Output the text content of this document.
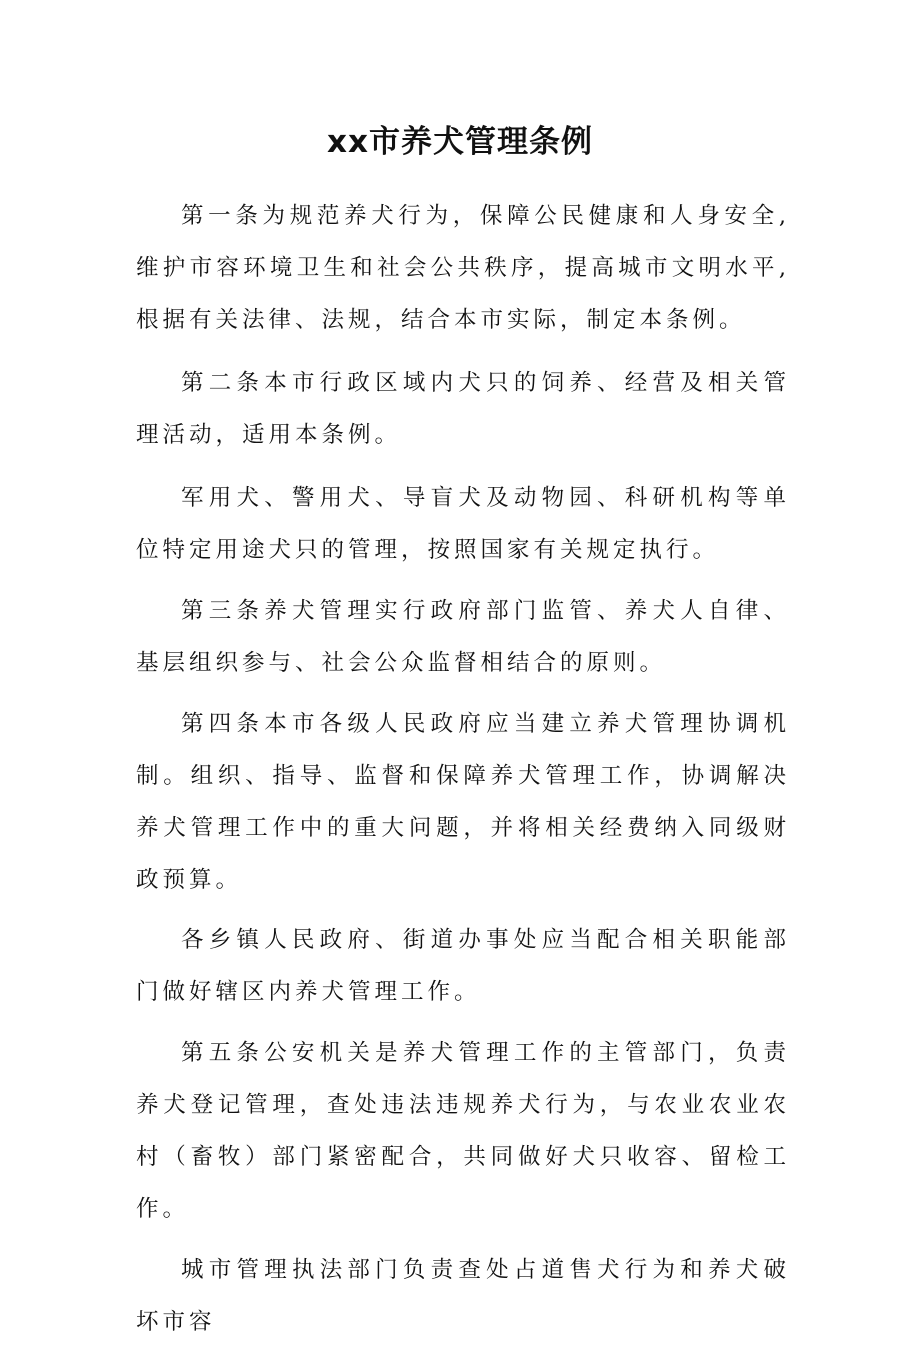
xx市养犬管理条例

第一条为规范养犬行为，保障公民健康和人身安全,维护市容环境卫生和社会公共秩序，提高城市文明水平,根据有关法律、法规，结合本市实际，制定本条例。

第二条本市行政区域内犬只的饲养、经营及相关管理活动，适用本条例。

军用犬、警用犬、导盲犬及动物园、科研机构等单位特定用途犬只的管理，按照国家有关规定执行。

第三条养犬管理实行政府部门监管、养犬人自律、基层组织参与、社会公众监督相结合的原则。

第四条本市各级人民政府应当建立养犬管理协调机制。组织、指导、监督和保障养犬管理工作，协调解决养犬管理工作中的重大问题，并将相关经费纳入同级财政预算。

各乡镇人民政府、街道办事处应当配合相关职能部门做好辖区内养犬管理工作。

第五条公安机关是养犬管理工作的主管部门，负责养犬登记管理，查处违法违规养犬行为，与农业农业农村（畜牧）部门紧密配合，共同做好犬只收容、留检工作。

城市管理执法部门负责查处占道售犬行为和养犬破坏市容
